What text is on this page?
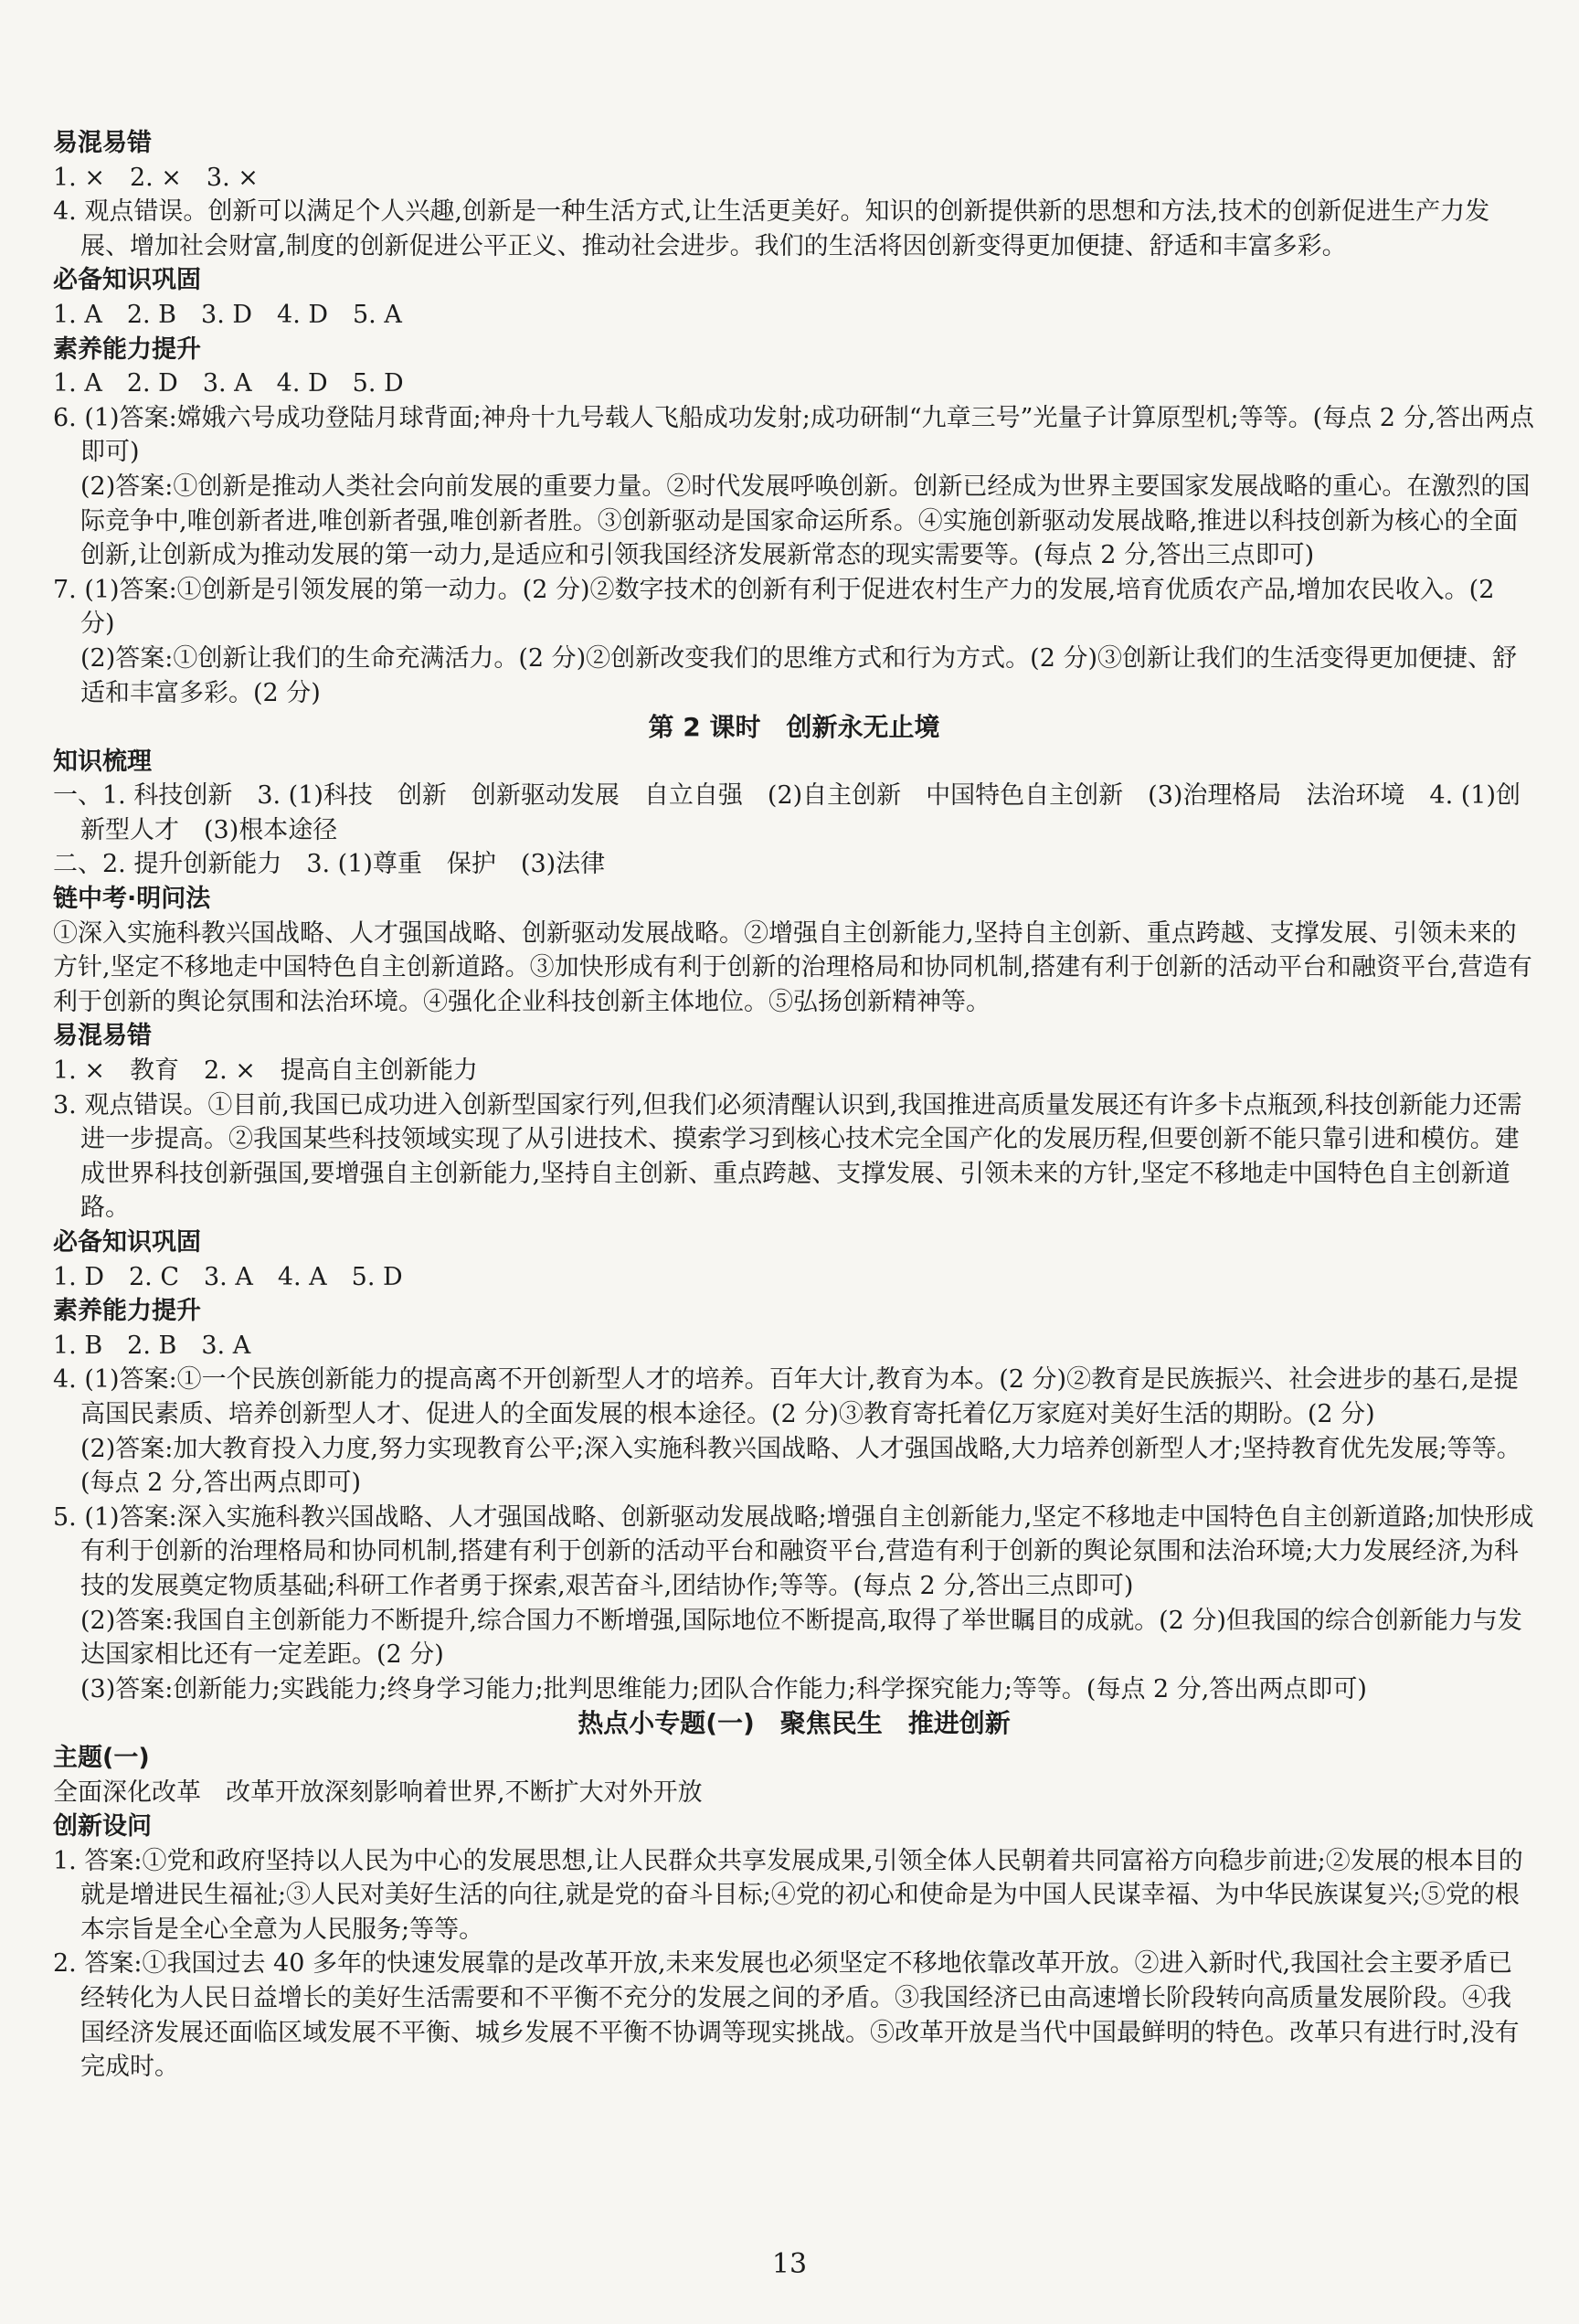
易混易错
1. ×　2. ×　3. ×
4. 观点错误。创新可以满足个人兴趣,创新是一种生活方式,让生活更美好。知识的创新提供新的思想和方法,技术的创新促进生产力发展、增加社会财富,制度的创新促进公平正义、推动社会进步。我们的生活将因创新变得更加便捷、舒适和丰富多彩。
必备知识巩固
1. A　2. B　3. D　4. D　5. A
素养能力提升
1. A　2. D　3. A　4. D　5. D
6. (1)答案:嫦娥六号成功登陆月球背面;神舟十九号载人飞船成功发射;成功研制“九章三号”光量子计算原型机;等等。(每点 2 分,答出两点即可)
(2)答案:①创新是推动人类社会向前发展的重要力量。②时代发展呼唤创新。创新已经成为世界主要国家发展战略的重心。在激烈的国际竞争中,唯创新者进,唯创新者强,唯创新者胜。③创新驱动是国家命运所系。④实施创新驱动发展战略,推进以科技创新为核心的全面创新,让创新成为推动发展的第一动力,是适应和引领我国经济发展新常态的现实需要等。(每点 2 分,答出三点即可)
7. (1)答案:①创新是引领发展的第一动力。(2 分)②数字技术的创新有利于促进农村生产力的发展,培育优质农产品,增加农民收入。(2 分)
(2)答案:①创新让我们的生命充满活力。(2 分)②创新改变我们的思维方式和行为方式。(2 分)③创新让我们的生活变得更加便捷、舒适和丰富多彩。(2 分)
第 2 课时　创新永无止境
知识梳理
一、1. 科技创新　3. (1)科技　创新　创新驱动发展　自立自强　(2)自主创新　中国特色自主创新　(3)治理格局　法治环境　4. (1)创新型人才　(3)根本途径
二、2. 提升创新能力　3. (1)尊重　保护　(3)法律
链中考·明问法
①深入实施科教兴国战略、人才强国战略、创新驱动发展战略。②增强自主创新能力,坚持自主创新、重点跨越、支撑发展、引领未来的方针,坚定不移地走中国特色自主创新道路。③加快形成有利于创新的治理格局和协同机制,搭建有利于创新的活动平台和融资平台,营造有利于创新的舆论氛围和法治环境。④强化企业科技创新主体地位。⑤弘扬创新精神等。
易混易错
1. ×　教育　2. ×　提高自主创新能力
3. 观点错误。①目前,我国已成功进入创新型国家行列,但我们必须清醒认识到,我国推进高质量发展还有许多卡点瓶颈,科技创新能力还需进一步提高。②我国某些科技领域实现了从引进技术、摸索学习到核心技术完全国产化的发展历程,但要创新不能只靠引进和模仿。建成世界科技创新强国,要增强自主创新能力,坚持自主创新、重点跨越、支撑发展、引领未来的方针,坚定不移地走中国特色自主创新道路。
必备知识巩固
1. D　2. C　3. A　4. A　5. D
素养能力提升
1. B　2. B　3. A
4. (1)答案:①一个民族创新能力的提高离不开创新型人才的培养。百年大计,教育为本。(2 分)②教育是民族振兴、社会进步的基石,是提高国民素质、培养创新型人才、促进人的全面发展的根本途径。(2 分)③教育寄托着亿万家庭对美好生活的期盼。(2 分)
(2)答案:加大教育投入力度,努力实现教育公平;深入实施科教兴国战略、人才强国战略,大力培养创新型人才;坚持教育优先发展;等等。(每点 2 分,答出两点即可)
5. (1)答案:深入实施科教兴国战略、人才强国战略、创新驱动发展战略;增强自主创新能力,坚定不移地走中国特色自主创新道路;加快形成有利于创新的治理格局和协同机制,搭建有利于创新的活动平台和融资平台,营造有利于创新的舆论氛围和法治环境;大力发展经济,为科技的发展奠定物质基础;科研工作者勇于探索,艰苦奋斗,团结协作;等等。(每点 2 分,答出三点即可)
(2)答案:我国自主创新能力不断提升,综合国力不断增强,国际地位不断提高,取得了举世瞩目的成就。(2 分)但我国的综合创新能力与发达国家相比还有一定差距。(2 分)
(3)答案:创新能力;实践能力;终身学习能力;批判思维能力;团队合作能力;科学探究能力;等等。(每点 2 分,答出两点即可)
热点小专题(一)　聚焦民生　推进创新
主题(一)
全面深化改革　改革开放深刻影响着世界,不断扩大对外开放
创新设问
1. 答案:①党和政府坚持以人民为中心的发展思想,让人民群众共享发展成果,引领全体人民朝着共同富裕方向稳步前进;②发展的根本目的就是增进民生福祉;③人民对美好生活的向往,就是党的奋斗目标;④党的初心和使命是为中国人民谋幸福、为中华民族谋复兴;⑤党的根本宗旨是全心全意为人民服务;等等。
2. 答案:①我国过去 40 多年的快速发展靠的是改革开放,未来发展也必须坚定不移地依靠改革开放。②进入新时代,我国社会主要矛盾已经转化为人民日益增长的美好生活需要和不平衡不充分的发展之间的矛盾。③我国经济已由高速增长阶段转向高质量发展阶段。④我国经济发展还面临区域发展不平衡、城乡发展不平衡不协调等现实挑战。⑤改革开放是当代中国最鲜明的特色。改革只有进行时,没有完成时。
13
